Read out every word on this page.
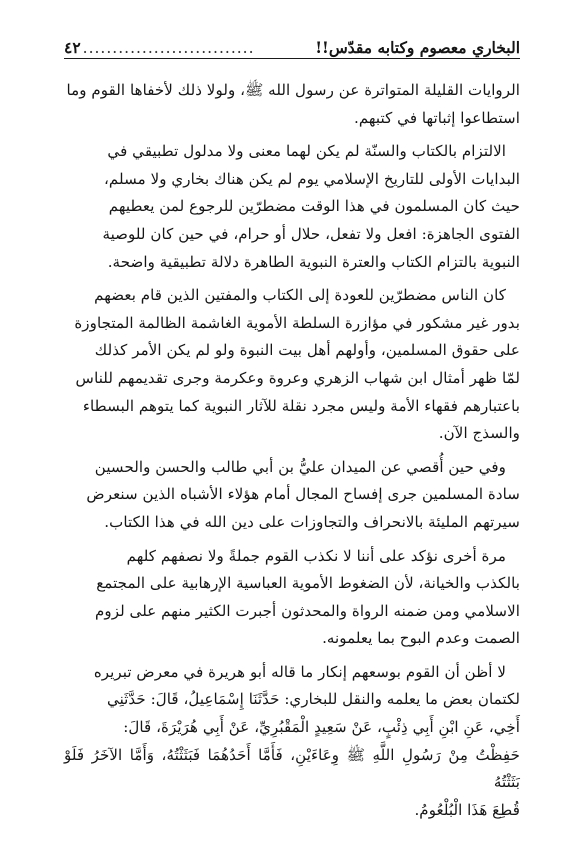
البخاري معصوم وكتابه مقدّس!!
.............................
٤٢

الروايات القليلة المتواترة عن رسول الله ﷺ، ولولا ذلك لأخفاها القوم وما
استطاعوا إثباتها في كتبهم.

الالتزام بالكتاب والسنّة لم يكن لهما معنى ولا مدلول تطبيقي في
البدايات الأولى للتاريخ الإسلامي يوم لم يكن هناك بخاري ولا مسلم،
حيث كان المسلمون في هذا الوقت مضطرّين للرجوع لمن يعطيهم
الفتوى الجاهزة: افعل ولا تفعل، حلال أو حرام، في حين كان للوصية
النبوية بالتزام الكتاب والعترة النبوية الطاهرة دلالة تطبيقية واضحة.

كان الناس مضطرّين للعودة إلى الكتاب والمفتين الذين قام بعضهم
بدور غير مشكور في مؤازرة السلطة الأموية الغاشمة الظالمة المتجاوزة
على حقوق المسلمين، وأولهم أهل بيت النبوة ولو لم يكن الأمر كذلك
لمّا ظهر أمثال ابن شهاب الزهري وعروة وعكرمة وجرى تقديمهم للناس
باعتبارهم فقهاء الأمة وليس مجرد نقلة للآثار النبوية كما يتوهم البسطاء
والسذج الآن.

وفي حين أُقصي عن الميدان عليُّ بن أبي طالب والحسن والحسين
سادة المسلمين جرى إفساح المجال أمام هؤلاء الأشباه الذين سنعرض
سيرتهم المليئة بالانحراف والتجاوزات على دين الله في هذا الكتاب.

مرة أخرى نؤكد على أننا لا نكذب القوم جملةً ولا نصفهم كلهم
بالكذب والخيانة، لأن الضغوط الأموية العباسية الإرهابية على المجتمع
الاسلامي ومن ضمنه الرواة والمحدثون أجبرت الكثير منهم على لزوم
الصمت وعدم البوح بما يعلمونه.

لا أظن أن القوم بوسعهم إنكار ما قاله أبو هريرة في معرض تبريره
لكتمان بعض ما يعلمه والنقل للبخاري: حَدَّثَنَا إِسْمَاعِيلُ، قَالَ: حَدَّثَنِي
أَخِي، عَنِ ابْنِ أَبِي ذِئْبٍ، عَنْ سَعِيدٍ الْمَقْبُرِيِّ، عَنْ أَبِي هُرَيْرَةَ، قَالَ:
حَفِظْتُ مِنْ رَسُولِ اللَّهِ ﷺ وِعَاءَيْنِ، فَأَمَّا أَحَدُهُمَا فَبَثَثْتُهُ، وَأَمَّا الآخَرُ فَلَوْ بَثَثْتُهُ
قُطِعَ هَذَا الْبُلْعُومُ.
